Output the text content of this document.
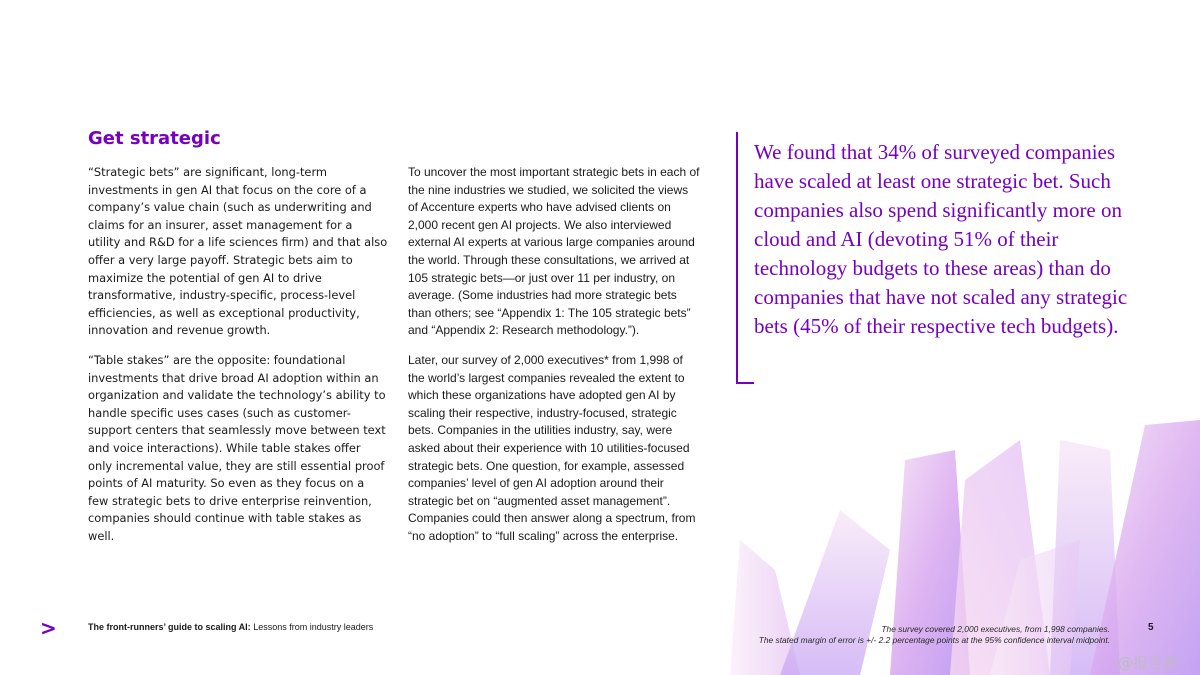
Get strategic

“Strategic bets” are significant, long-term investments in gen AI that focus on the core of a company’s value chain (such as underwriting and claims for an insurer, asset management for a utility and R&D for a life sciences firm) and that also offer a very large payoff. Strategic bets aim to maximize the potential of gen AI to drive transformative, industry-specific, process-level efficiencies, as well as exceptional productivity, innovation and revenue growth.

“Table stakes” are the opposite: foundational investments that drive broad AI adoption within an organization and validate the technology’s ability to handle specific uses cases (such as customer-support centers that seamlessly move between text and voice interactions). While table stakes offer only incremental value, they are still essential proof points of AI maturity. So even as they focus on a few strategic bets to drive enterprise reinvention, companies should continue with table stakes as well.

To uncover the most important strategic bets in each of the nine industries we studied, we solicited the views of Accenture experts who have advised clients on 2,000 recent gen AI projects. We also interviewed external AI experts at various large companies around the world. Through these consultations, we arrived at 105 strategic bets—or just over 11 per industry, on average. (Some industries had more strategic bets than others; see “Appendix 1: The 105 strategic bets” and “Appendix 2: Research methodology.”).

Later, our survey of 2,000 executives* from 1,998 of the world’s largest companies revealed the extent to which these organizations have adopted gen AI by scaling their respective, industry-focused, strategic bets. Companies in the utilities industry, say, were asked about their experience with 10 utilities-focused strategic bets. One question, for example, assessed companies’ level of gen AI adoption around their strategic bet on “augmented asset management”. Companies could then answer along a spectrum, from “no adoption” to “full scaling” across the enterprise.

We found that 34% of surveyed companies have scaled at least one strategic bet. Such companies also spend significantly more on cloud and AI (devoting 51% of their technology budgets to these areas) than do companies that have not scaled any strategic bets (45% of their respective tech budgets).
>	The front-runners’ guide to scaling AI: Lessons from industry leaders	The survey covered 2,000 executives, from 1,998 companies.
The stated margin of error is +/- 2.2 percentage points at the 95% confidence interval midpoint.
5
@报告派
